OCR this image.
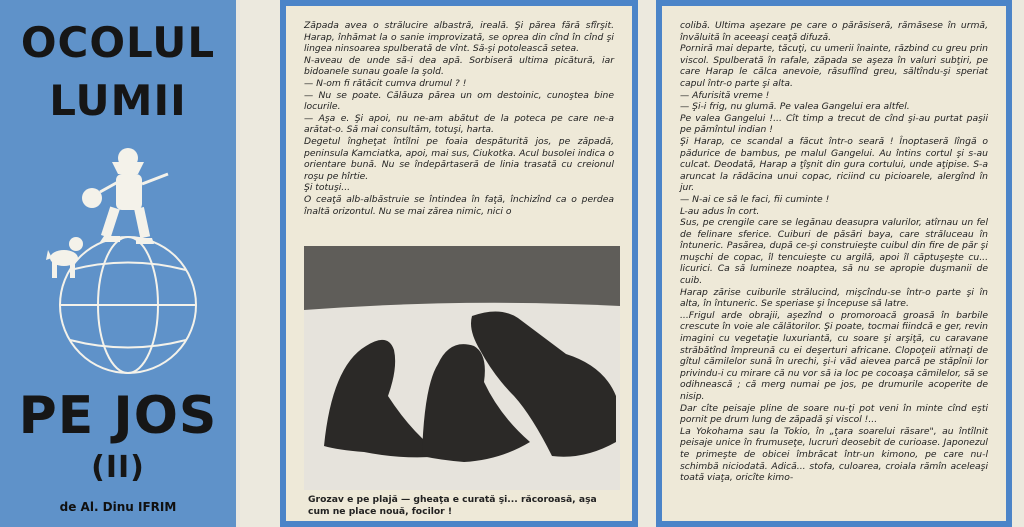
OCOLUL
LUMII
PE JOS
(II)
de Al. Dinu IFRIM
Zăpada avea o strălucire albastră, ireală. Şi părea fără sfîrşit. Harap, înhămat la o sanie improvizată, se oprea din cînd în cînd şi lingea ninsoarea spulberată de vînt. Să-şi potolească setea.
N-aveau de unde să-i dea apă. Sorbiseră ultima picătură, iar bidoanele sunau goale la şold.
— N-om fi rătăcit cumva drumul ? !
— Nu se poate. Călăuza părea un om destoinic, cunoştea bine locurile.
— Aşa e. Şi apoi, nu ne-am abătut de la poteca pe care ne-a arătat-o. Să mai consultăm, totuşi, harta.
Degetul îngheţat întîlni pe foaia despăturită jos, pe zăpadă, peninsula Kamciatka, apoi, mai sus, Ciukotka. Acul busolei indica o orientare bună. Nu se îndepărtaseră de linia trasată cu creionul roşu pe hîrtie.
Şi totuşi...
O ceaţă alb-albăstruie se întindea în faţă, închizînd ca o perdea înaltă orizontul. Nu se mai zărea nimic, nici o
Grozav e pe plajă — gheaţa e curată şi... răcoroasă, aşa cum ne place nouă, focilor !
colibă. Ultima aşezare pe care o părăsiseră, rămăsese în urmă, învăluită în aceeaşi ceaţă difuză.
Porniră mai departe, tăcuţi, cu umerii înainte, răzbind cu greu prin viscol. Spulberată în rafale, zăpada se aşeza în valuri subţiri, pe care Harap le călca anevoie, răsuflînd greu, săltîndu-şi speriat capul într-o parte şi alta.
— Afurisită vreme !
— Şi-i frig, nu glumă. Pe valea Gangelui era altfel.
Pe valea Gangelui !... Cît timp a trecut de cînd şi-au purtat paşii pe pămîntul indian !
Şi Harap, ce scandal a făcut într-o seară ! Înoptaseră lîngă o pădurice de bambus, pe malul Gangelui. Au întins cortul şi s-au culcat. Deodată, Harap a ţîşnit din gura cortului, unde aţipise. S-a aruncat la rădăcina unui copac, riciind cu picioarele, alergînd în jur.
— N-ai ce să le faci, fii cuminte !
L-au adus în cort.
Sus, pe crengile care se legănau deasupra valurilor, atîrnau un fel de felinare sferice. Cuiburi de păsări baya, care străluceau în întuneric. Pasărea, după ce-şi construieşte cuibul din fire de păr şi muşchi de copac, îl tencuieşte cu argilă, apoi îl căptuşeşte cu... licurici. Ca să lumineze noaptea, să nu se apropie duşmanii de cuib.
Harap zărise cuiburile strălucind, mişcîndu-se într-o parte şi în alta, în întuneric. Se speriase şi începuse să latre.
...Frigul arde obrajii, aşezînd o promoroacă groasă în barbile crescute în voie ale călătorilor. Şi poate, tocmai fiindcă e ger, revin imagini cu vegetaţie luxuriantă, cu soare şi arşiţă, cu caravane străbătînd împreună cu ei deşerturi africane. Clopoţeii atîrnaţi de gîtul cămilelor sună în urechi, şi-i văd aievea parcă pe stăpînii lor privindu-i cu mirare că nu vor să ia loc pe cocoaşa cămilelor, să se odihnească ; că merg numai pe jos, pe drumurile acoperite de nisip.
Dar cîte peisaje pline de soare nu-ţi pot veni în minte cînd eşti pornit pe drum lung de zăpadă şi viscol !...
La Yokohama sau la Tokio, în „ţara soarelui răsare", au întîlnit peisaje unice în frumuseţe, lucruri deosebit de curioase. Japonezul te primeşte de obicei îmbrăcat într-un kimono, pe care nu-l schimbă niciodată. Adică... stofa, culoarea, croiala rămîn aceleaşi toată viaţa, oricîte kimo-
